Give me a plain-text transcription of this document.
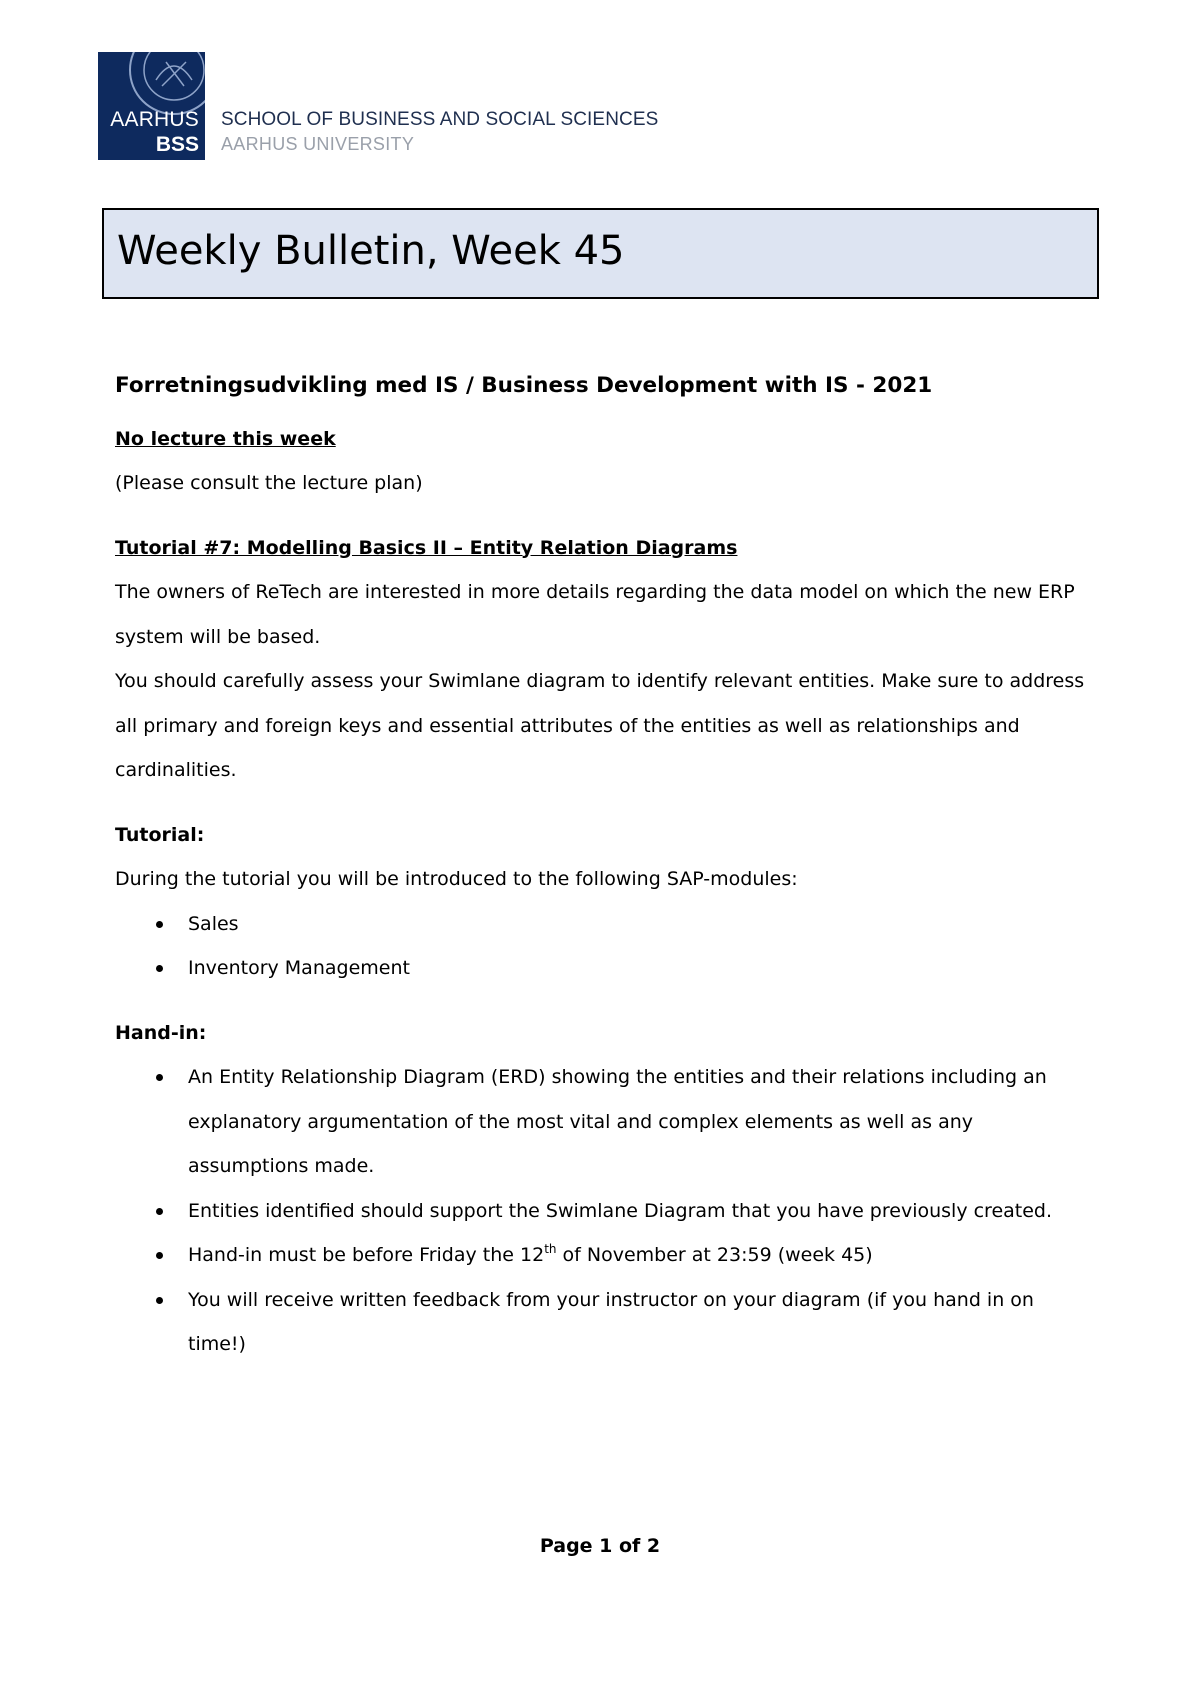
AARHUS
BSS
SCHOOL OF BUSINESS AND SOCIAL SCIENCES
AARHUS UNIVERSITY
Weekly Bulletin, Week 45

Forretningsudvikling med IS / Business Development with IS - 2021

No lecture this week

(Please consult the lecture plan)

Tutorial #7: Modelling Basics II – Entity Relation Diagrams

The owners of ReTech are interested in more details regarding the data model on which the new ERP system will be based.

You should carefully assess your Swimlane diagram to identify relevant entities. Make sure to address all primary and foreign keys and essential attributes of the entities as well as relationships and cardinalities.

Tutorial:

During the tutorial you will be introduced to the following SAP-modules:

Sales
Inventory Management

Hand-in:

An Entity Relationship Diagram (ERD) showing the entities and their relations including an explanatory argumentation of the most vital and complex elements as well as any assumptions made.
Entities identified should support the Swimlane Diagram that you have previously created.
Hand-in must be before Friday the 12th of November at 23:59 (week 45)
You will receive written feedback from your instructor on your diagram (if you hand in on time!)
Page 1 of 2
